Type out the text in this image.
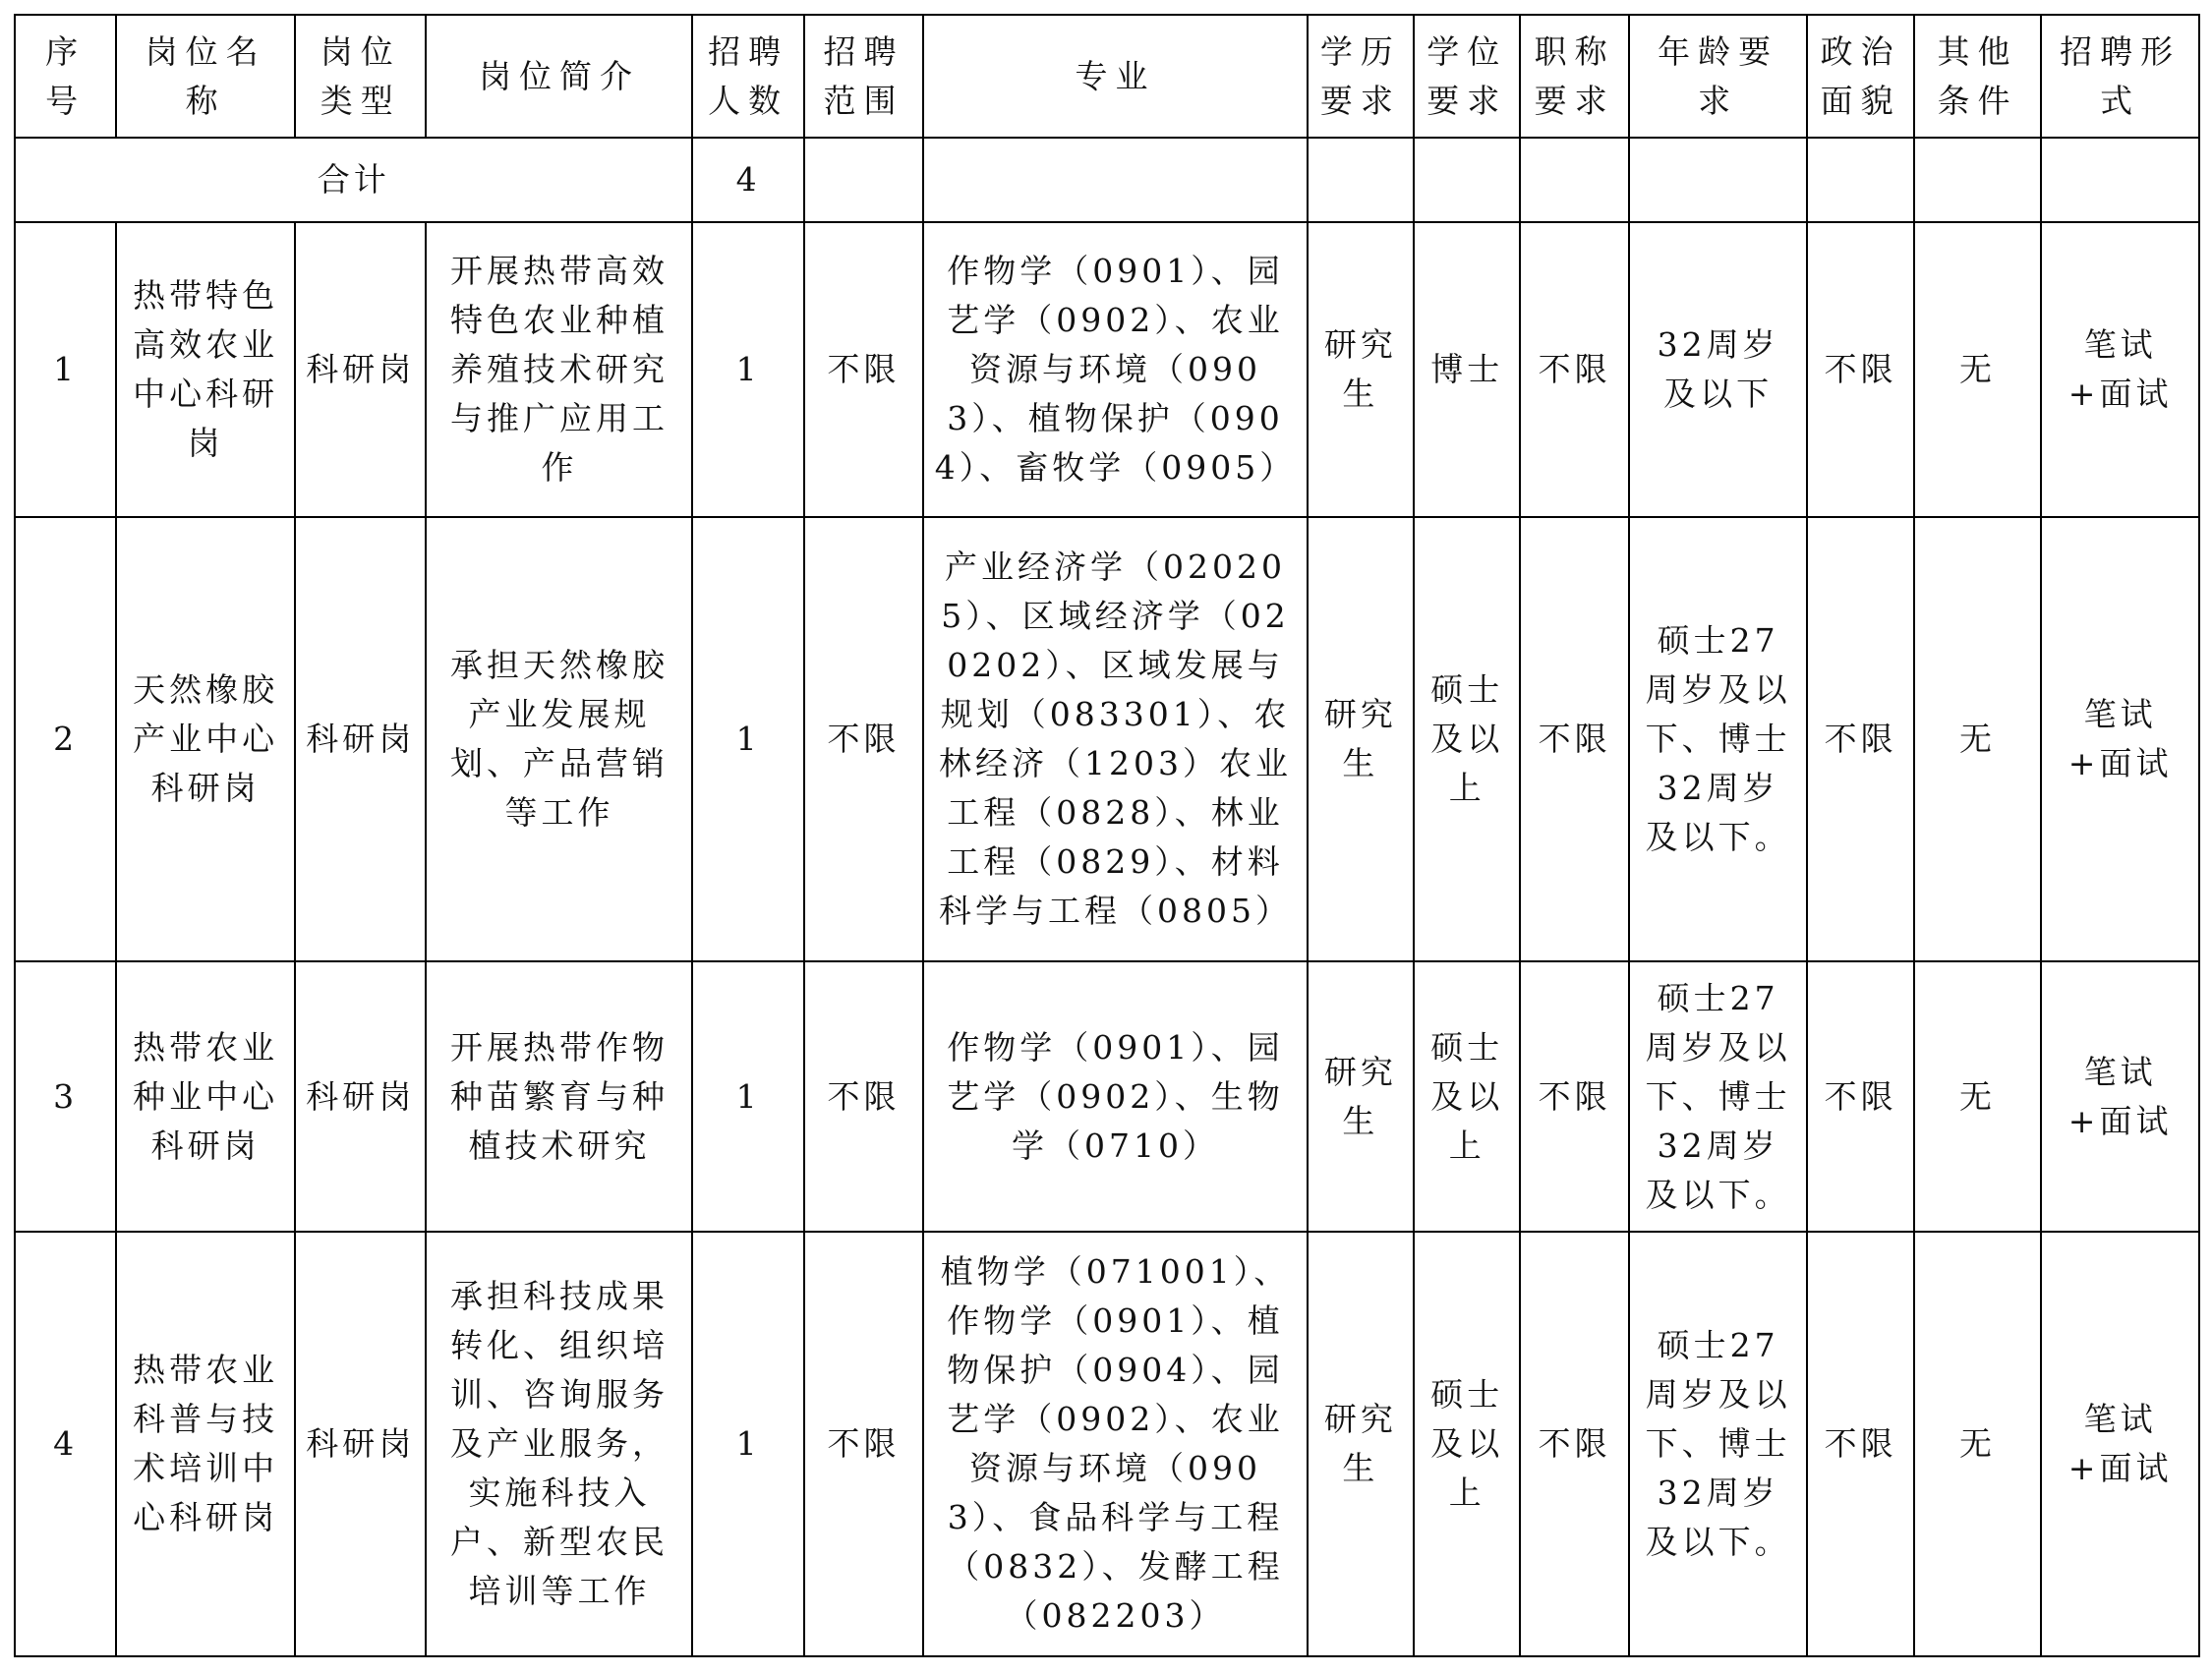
序号	岗位名称	岗位类型	岗位简介	招聘人数	招聘范围	专业	学历要求	学位要求	职称要求	年龄要求	政治面貌	其他条件	招聘形式
合计				4									
1	热带特色高效农业中心科研岗	科研岗	开展热带高效特色农业种植养殖技术研究与推广应用工作	1	不限	作物学（0901）、园艺学（0902）、农业资源与环境（0903）、植物保护（0904）、畜牧学（0905）	研究生	博士	不限	32周岁及以下	不限	无	笔试+面试
2	天然橡胶产业中心科研岗	科研岗	承担天然橡胶产业发展规划、产品营销等工作	1	不限	产业经济学（020205）、区域经济学（020202）、区域发展与规划（083301）、农林经济（1203）农业工程（0828）、林业工程（0829）、材料科学与工程（0805）	研究生	硕士及以上	不限	硕士27周岁及以下、博士32周岁及以下。	不限	无	笔试+面试
3	热带农业种业中心科研岗	科研岗	开展热带作物种苗繁育与种植技术研究	1	不限	作物学（0901）、园艺学（0902）、生物学（0710）	研究生	硕士及以上	不限	硕士27周岁及以下、博士32周岁及以下。	不限	无	笔试+面试
4	热带农业科普与技术培训中心科研岗	科研岗	承担科技成果转化、组织培训、咨询服务及产业服务，实施科技入户、新型农民培训等工作	1	不限	植物学（071001）、作物学（0901）、植物保护（0904）、园艺学（0902）、农业资源与环境（0903）、食品科学与工程（0832）、发酵工程（082203）	研究生	硕士及以上	不限	硕士27周岁及以下、博士32周岁及以下。	不限	无	笔试+面试
